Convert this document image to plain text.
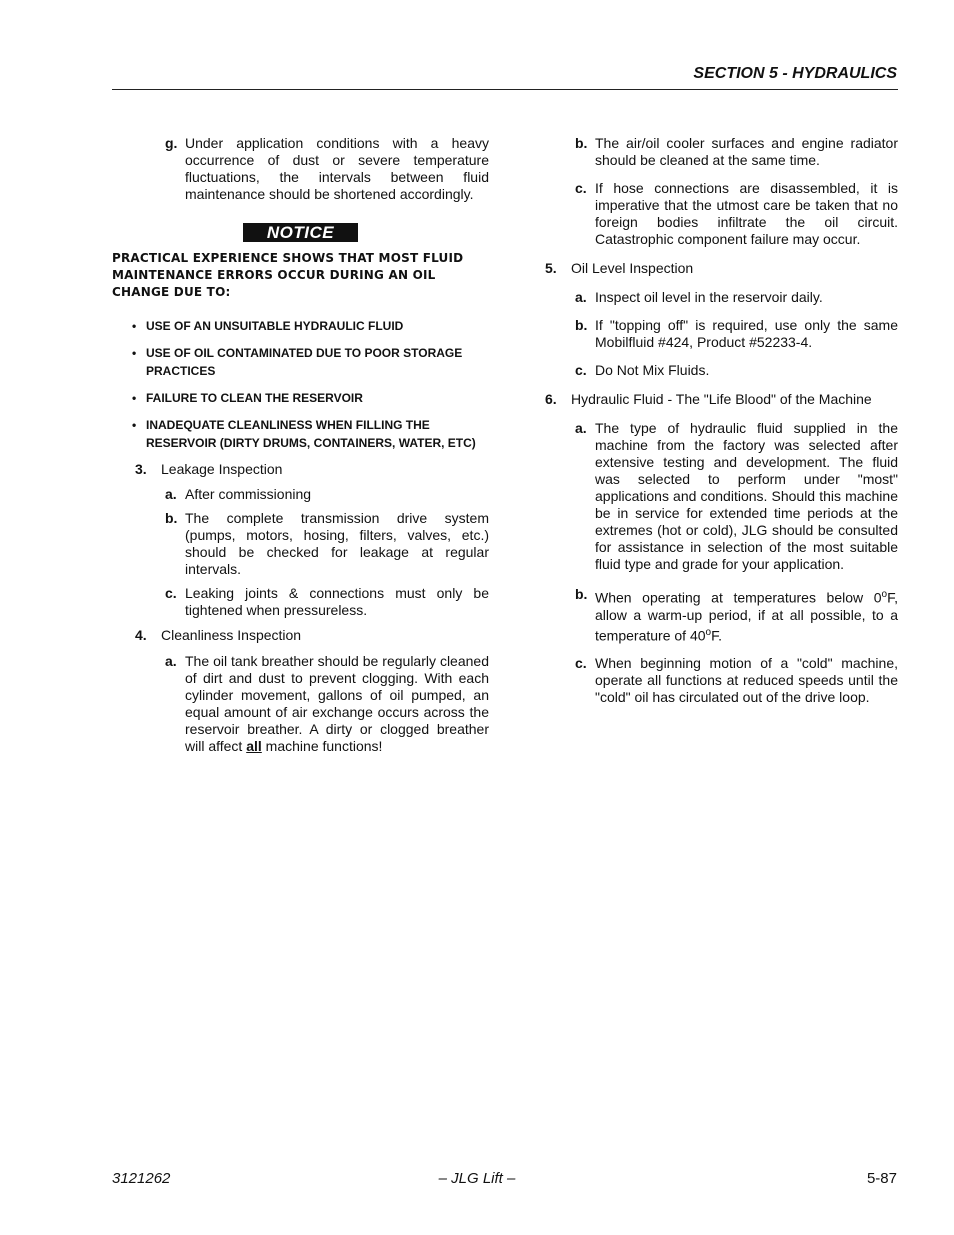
SECTION 5 - HYDRAULICS
g. Under application conditions with a heavy occurrence of dust or severe temperature fluctuations, the intervals between fluid maintenance should be shortened accordingly.
NOTICE
PRACTICAL EXPERIENCE SHOWS THAT MOST FLUID MAINTENANCE ERRORS OCCUR DURING AN OIL CHANGE DUE TO:
• USE OF AN UNSUITABLE HYDRAULIC FLUID
• USE OF OIL CONTAMINATED DUE TO POOR STORAGE PRACTICES
• FAILURE TO CLEAN THE RESERVOIR
• INADEQUATE CLEANLINESS WHEN FILLING THE RESERVOIR (DIRTY DRUMS, CONTAINERS, WATER, ETC)
3. Leakage Inspection
a. After commissioning
b. The complete transmission drive system (pumps, motors, hosing, filters, valves, etc.) should be checked for leakage at regular intervals.
c. Leaking joints & connections must only be tightened when pressureless.
4. Cleanliness Inspection
a. The oil tank breather should be regularly cleaned of dirt and dust to prevent clogging. With each cylinder movement, gallons of oil pumped, an equal amount of air exchange occurs across the reservoir breather. A dirty or clogged breather will affect all machine functions!
b. The air/oil cooler surfaces and engine radiator should be cleaned at the same time.
c. If hose connections are disassembled, it is imperative that the utmost care be taken that no foreign bodies infiltrate the oil circuit. Catastrophic component failure may occur.
5. Oil Level Inspection
a. Inspect oil level in the reservoir daily.
b. If "topping off" is required, use only the same Mobilfluid #424, Product #52233-4.
c. Do Not Mix Fluids.
6. Hydraulic Fluid - The "Life Blood" of the Machine
a. The type of hydraulic fluid supplied in the machine from the factory was selected after extensive testing and development. The fluid was selected to perform under "most" applications and conditions. Should this machine be in service for extended time periods at the extremes (hot or cold), JLG should be consulted for assistance in selection of the most suitable fluid type and grade for your application.
b. When operating at temperatures below 0$^o$F, allow a warm-up period, if at all possible, to a temperature of 40$^o$F.
c. When beginning motion of a "cold" machine, operate all functions at reduced speeds until the "cold" oil has circulated out of the drive loop.
3121262	– JLG Lift –	5-87
